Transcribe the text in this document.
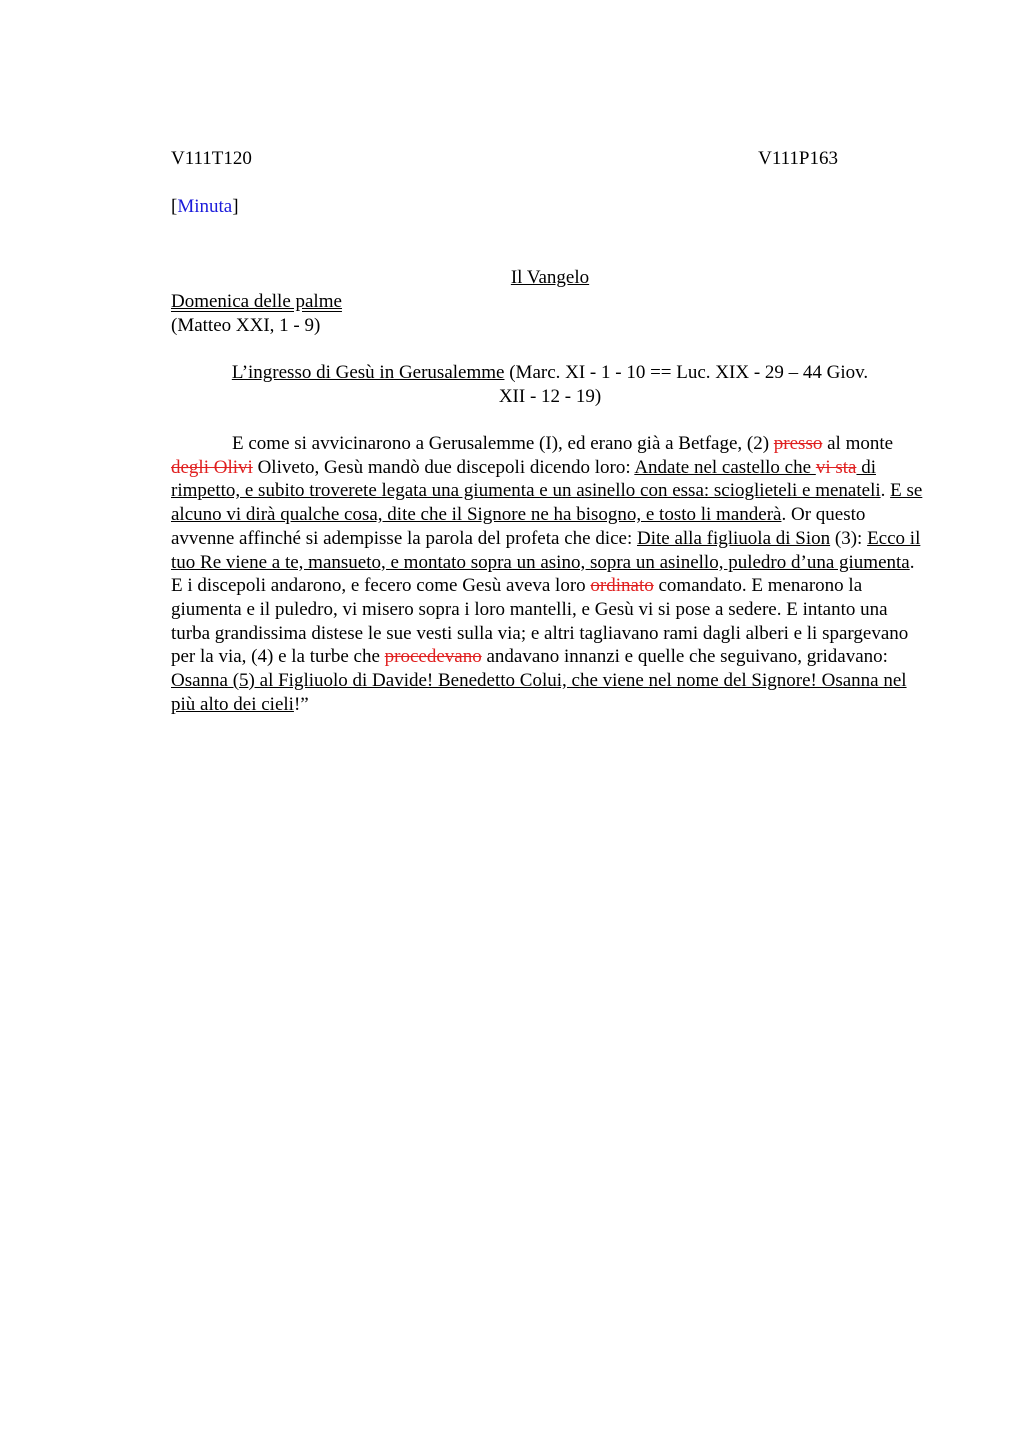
V111T120	V111P163
[Minuta]
Il Vangelo
Domenica delle palme
(Matteo XXI, 1 - 9)
L’ingresso di Gesù in Gerusalemme (Marc. XI - 1 - 10 == Luc. XIX - 29 – 44 Giov.
XII - 12 - 19)
E come si avvicinarono a Gerusalemme (I), ed erano già a Betfage, (2) presso al monte degli Olivi Oliveto, Gesù mandò due discepoli dicendo loro: Andate nel castello che vi sta di rimpetto, e subito troverete legata una giumenta e un asinello con essa: scioglieteli e menateli. E se alcuno vi dirà qualche cosa, dite che il Signore ne ha bisogno, e tosto li manderà. Or questo avvenne affinché si adempisse la parola del profeta che dice: Dite alla figliuola di Sion (3): Ecco il tuo Re viene a te, mansueto, e montato sopra un asino, sopra un asinello, puledro d’una giumenta. E i discepoli andarono, e fecero come Gesù aveva loro ordinato comandato. E menarono la giumenta e il puledro, vi misero sopra i loro mantelli, e Gesù vi si pose a sedere. E intanto una turba grandissima distese le sue vesti sulla via; e altri tagliavano rami dagli alberi e li spargevano per la via, (4) e la turbe che procedevano andavano innanzi e quelle che seguivano, gridavano: Osanna (5) al Figliuolo di Davide! Benedetto Colui, che viene nel nome del Signore! Osanna nel più alto dei cieli!”
